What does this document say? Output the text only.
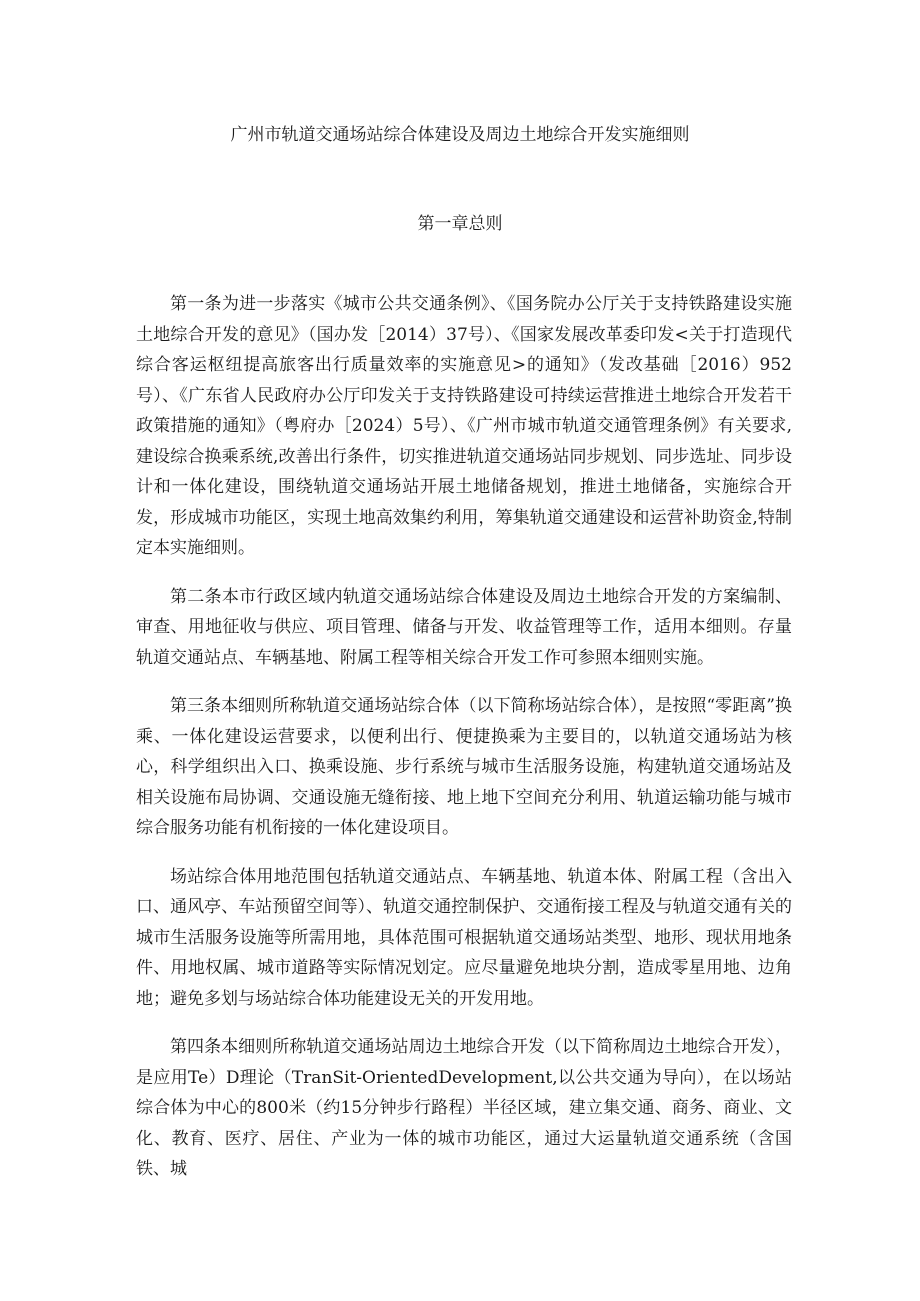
广州市轨道交通场站综合体建设及周边土地综合开发实施细则
第一章总则

第一条为进一步落实《城市公共交通条例》、《国务院办公厅关于支持铁路建设实施土地综合开发的意见》（国办发［2014）37号）、《国家发展改革委印发<关于打造现代综合客运枢纽提高旅客出行质量效率的实施意见>的通知》（发改基础［2016）952号）、《广东省人民政府办公厅印发关于支持铁路建设可持续运营推进土地综合开发若干政策措施的通知》（粤府办［2024）5号）、《广州市城市轨道交通管理条例》有关要求,建设综合换乘系统,改善出行条件，切实推进轨道交通场站同步规划、同步选址、同步设计和一体化建设，围绕轨道交通场站开展土地储备规划，推进土地储备，实施综合开发，形成城市功能区，实现土地高效集约利用，筹集轨道交通建设和运营补助资金,特制定本实施细则。

第二条本市行政区域内轨道交通场站综合体建设及周边土地综合开发的方案编制、审查、用地征收与供应、项目管理、储备与开发、收益管理等工作，适用本细则。存量轨道交通站点、车辆基地、附属工程等相关综合开发工作可参照本细则实施。

第三条本细则所称轨道交通场站综合体（以下简称场站综合体），是按照“零距离”换乘、一体化建设运营要求，以便利出行、便捷换乘为主要目的，以轨道交通场站为核心，科学组织出入口、换乘设施、步行系统与城市生活服务设施，构建轨道交通场站及相关设施布局协调、交通设施无缝衔接、地上地下空间充分利用、轨道运输功能与城市综合服务功能有机衔接的一体化建设项目。

场站综合体用地范围包括轨道交通站点、车辆基地、轨道本体、附属工程（含出入口、通风亭、车站预留空间等）、轨道交通控制保护、交通衔接工程及与轨道交通有关的城市生活服务设施等所需用地，具体范围可根据轨道交通场站类型、地形、现状用地条件、用地权属、城市道路等实际情况划定。应尽量避免地块分割，造成零星用地、边角地；避免多划与场站综合体功能建设无关的开发用地。

第四条本细则所称轨道交通场站周边土地综合开发（以下简称周边土地综合开发），是应用Te）D理论（TranSit-OrientedDevelopment,以公共交通为导向），在以场站综合体为中心的800米（约15分钟步行路程）半径区域，建立集交通、商务、商业、文化、教育、医疗、居住、产业为一体的城市功能区，通过大运量轨道交通系统（含国铁、城
